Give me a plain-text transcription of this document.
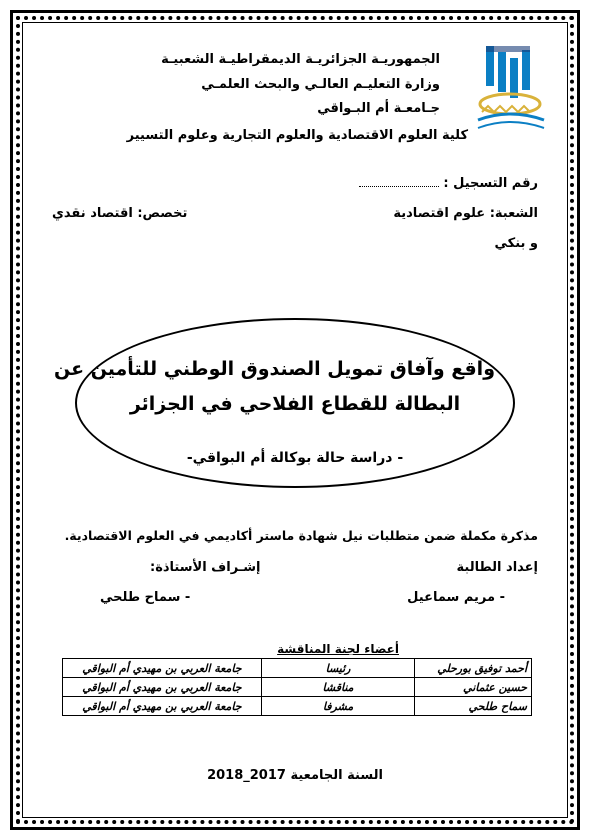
الجمهوريـة الجزائريـة الديمقراطيـة الشعبيـة
وزارة التعليـم العالـي والبحث العلمـي
جـامعـة أم البـواقي
كلية العلوم الاقتصادية والعلوم التجارية وعلوم التسيير
رقم التسجيل :
الشعبة: علوم اقتصادية
تخصص: اقتصاد نقدي
و بنكي
واقع وآفاق تمويل الصندوق الوطني للتأمين عن
البطالة للقطاع الفلاحي في الجزائر
- دراسة حالة بوكالة أم البواقي-
مذكرة مكملة ضمن متطلبات نيل شهادة ماستر أكاديمي في العلوم الاقتصادية.
إعداد الطالبة
إشـراف الأستاذة:
- مريم سماعيل
- سماح طلحي
	أعضاء لجنة المناقشة	
أحمد توفيق بورحلي	رئيسا	جامعة العربي بن مهيدي أم البواقي
حسين عثماني	مناقشا	جامعة العربي بن مهيدي أم البواقي
سماح طلحي	مشرفا	جامعة العربي بن مهيدي أم البواقي
السنة الجامعية 2017_2018
